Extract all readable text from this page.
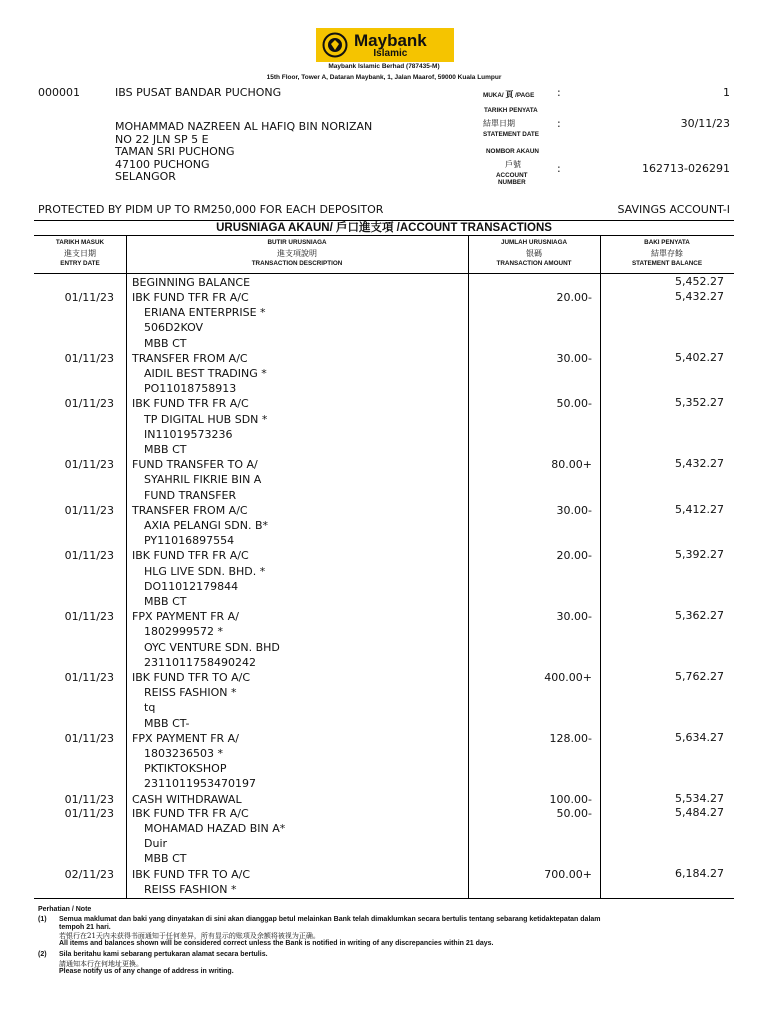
Maybank
Islamic
Maybank Islamic Berhad (787435-M)
15th Floor, Tower A, Dataran Maybank, 1, Jalan Maarof, 59000 Kuala Lumpur
000001	IBS PUSAT BANDAR PUCHONG
MOHAMMAD NAZREEN AL HAFIQ BIN NORIZAN
NO 22 JLN SP 5 E
TAMAN SRI PUCHONG
47100 PUCHONG
SELANGOR
MUKA/ 頁 /PAGE :	1
TARIKH PENYATA
結單日期
STATEMENT DATE
:	30/11/23
NOMBOR AKAUN
戶號
ACCOUNT
NUMBER
:	162713-026291
PROTECTED BY PIDM UP TO RM250,000 FOR EACH DEPOSITOR	SAVINGS ACCOUNT-I
URUSNIAGA AKAUN/ 戶口進支項 /ACCOUNT TRANSACTIONS
TARIKH MASUK
進支日期
ENTRY DATE
BUTIR URUSNIAGA
進支項說明
TRANSACTION DESCRIPTION
JUMLAH URUSNIAGA
银碼
TRANSACTION AMOUNT
BAKI PENYATA
結單存餘
STATEMENT BALANCE
BEGINNING BALANCE	5,452.27
01/11/23 IBK FUND TFR FR A/C
ERIANA ENTERPRISE *
506D2KOV
MBB CT
20.00-	5,432.27
01/11/23 TRANSFER FROM A/C
AIDIL BEST TRADING *
PO11018758913
30.00-	5,402.27
01/11/23 IBK FUND TFR FR A/C
TP DIGITAL HUB SDN *
IN11019573236
MBB CT
50.00-	5,352.27
01/11/23 FUND TRANSFER TO A/
SYAHRIL FIKRIE BIN A
FUND TRANSFER
80.00+	5,432.27
01/11/23 TRANSFER FROM A/C
AXIA PELANGI SDN. B*
PY11016897554
30.00-	5,412.27
01/11/23 IBK FUND TFR FR A/C
HLG LIVE SDN. BHD. *
DO11012179844
MBB CT
20.00-	5,392.27
01/11/23 FPX PAYMENT FR A/
1802999572 *
OYC VENTURE SDN. BHD
2311011758490242
30.00-	5,362.27
01/11/23 IBK FUND TFR TO A/C
REISS FASHION *
tq
MBB CT-
400.00+	5,762.27
01/11/23 FPX PAYMENT FR A/
1803236503 *
PKTIKTOKSHOP
2311011953470197
128.00-	5,634.27
01/11/23 CASH WITHDRAWAL	100.00-	5,534.27
01/11/23 IBK FUND TFR FR A/C
MOHAMAD HAZAD BIN A*
Duir
MBB CT
50.00-	5,484.27
02/11/23 IBK FUND TFR TO A/C
REISS FASHION *
700.00+	6,184.27
Perhatian / Note
(1) Semua maklumat dan baki yang dinyatakan di sini akan dianggap betul melainkan Bank telah dimaklumkan secara bertulis tentang sebarang ketidaktepatan dalam
tempoh 21 hari.
若银行在21天内未获得书面通知于任何差异，所有显示的账项及余额将被视为正确。
All items and balances shown will be considered correct unless the Bank is notified in writing of any discrepancies within 21 days.
(2) Sila beritahu kami sebarang pertukaran alamat secara bertulis.
請通知本行在何地址更換。
Please notify us of any change of address in writing.
